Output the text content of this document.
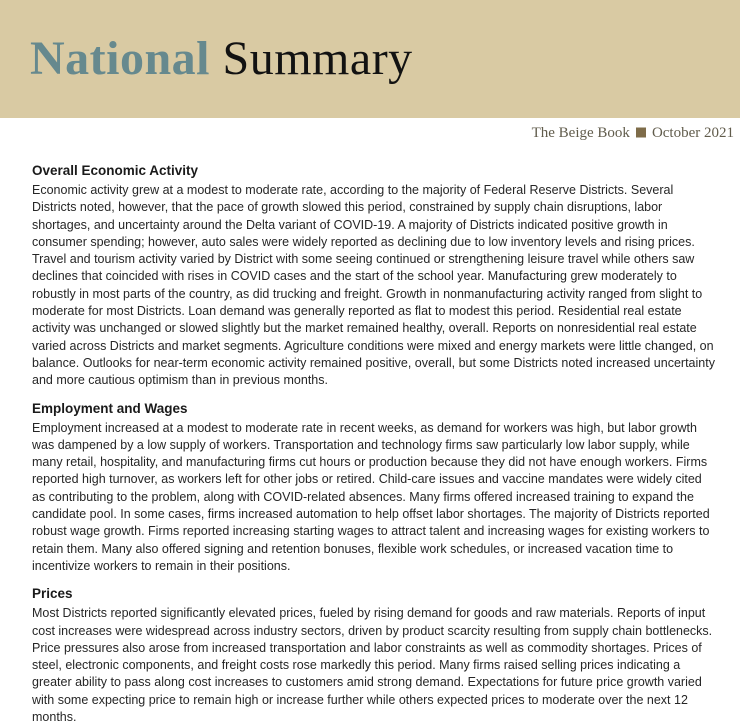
National Summary
The Beige Book October 2021
Overall Economic Activity

Economic activity grew at a modest to moderate rate, according to the majority of Federal Reserve Districts. Several Districts noted, however, that the pace of growth slowed this period, constrained by supply chain disruptions, labor shortages, and uncertainty around the Delta variant of COVID-19. A majority of Districts indicated positive growth in consumer spending; however, auto sales were widely reported as declining due to low inventory levels and rising prices. Travel and tourism activity varied by District with some seeing continued or strengthening leisure travel while others saw declines that coincided with rises in COVID cases and the start of the school year. Manufacturing grew moderately to robustly in most parts of the country, as did trucking and freight. Growth in nonmanufacturing activity ranged from slight to moderate for most Districts. Loan demand was generally reported as flat to modest this period. Residential real estate activity was unchanged or slowed slightly but the market remained healthy, overall. Reports on nonresidential real estate varied across Districts and market segments. Agriculture conditions were mixed and energy markets were little changed, on balance. Outlooks for near-term economic activity remained positive, overall, but some Districts noted increased uncertainty and more cautious optimism than in previous months.

Employment and Wages

Employment increased at a modest to moderate rate in recent weeks, as demand for workers was high, but labor growth was dampened by a low supply of workers. Transportation and technology firms saw particularly low labor supply, while many retail, hospitality, and manufacturing firms cut hours or production because they did not have enough workers. Firms reported high turnover, as workers left for other jobs or retired. Child-care issues and vaccine mandates were widely cited as contributing to the problem, along with COVID-related absences. Many firms offered increased training to expand the candidate pool. In some cases, firms increased automation to help offset labor shortages. The majority of Districts reported robust wage growth. Firms reported increasing starting wages to attract talent and increasing wages for existing workers to retain them. Many also offered signing and retention bonuses, flexible work schedules, or increased vacation time to incentivize workers to remain in their positions.

Prices

Most Districts reported significantly elevated prices, fueled by rising demand for goods and raw materials. Reports of input cost increases were widespread across industry sectors, driven by product scarcity resulting from supply chain bottlenecks. Price pressures also arose from increased transportation and labor constraints as well as commodity shortages. Prices of steel, electronic components, and freight costs rose markedly this period. Many firms raised selling prices indicating a greater ability to pass along cost increases to customers amid strong demand. Expectations for future price growth varied with some expecting price to remain high or increase further while others expected prices to moderate over the next 12 months.
